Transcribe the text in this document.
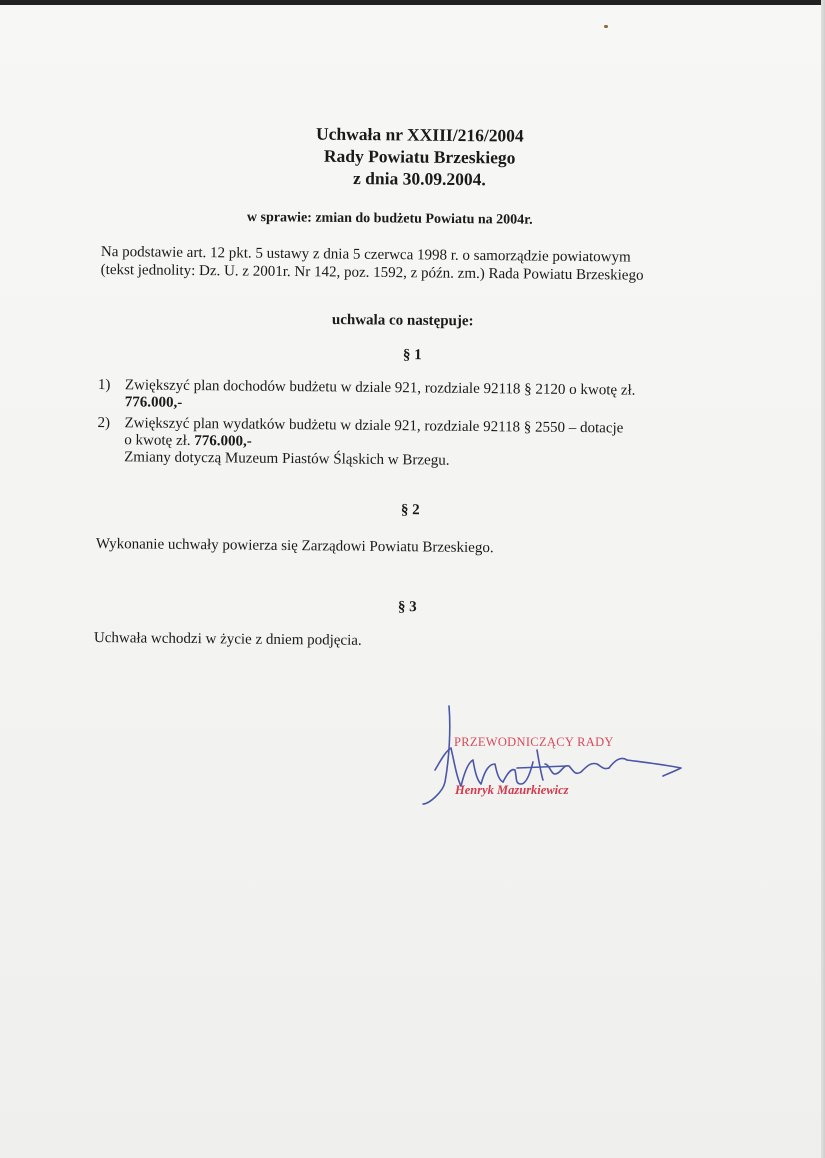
Uchwała nr XXIII/216/2004
Rady Powiatu Brzeskiego
z dnia 30.09.2004.
w sprawie: zmian do budżetu Powiatu na 2004r.
Na podstawie art. 12 pkt. 5 ustawy z dnia 5 czerwca 1998 r. o samorządzie powiatowym
(tekst jednolity: Dz. U. z 2001r. Nr 142, poz. 1592, z późn. zm.) Rada Powiatu Brzeskiego
uchwala co następuje:
§ 1
1) Zwiększyć plan dochodów budżetu w dziale 921, rozdziale 92118 § 2120 o kwotę zł.
776.000,-
2) Zwiększyć plan wydatków budżetu w dziale 921, rozdziale 92118 § 2550 – dotacje
o kwotę zł. 776.000,-
Zmiany dotyczą Muzeum Piastów Śląskich w Brzegu.
§ 2
Wykonanie uchwały powierza się Zarządowi Powiatu Brzeskiego.
§ 3
Uchwała wchodzi w życie z dniem podjęcia.
PRZEWODNICZĄCY RADY
Henryk Mazurkiewicz
